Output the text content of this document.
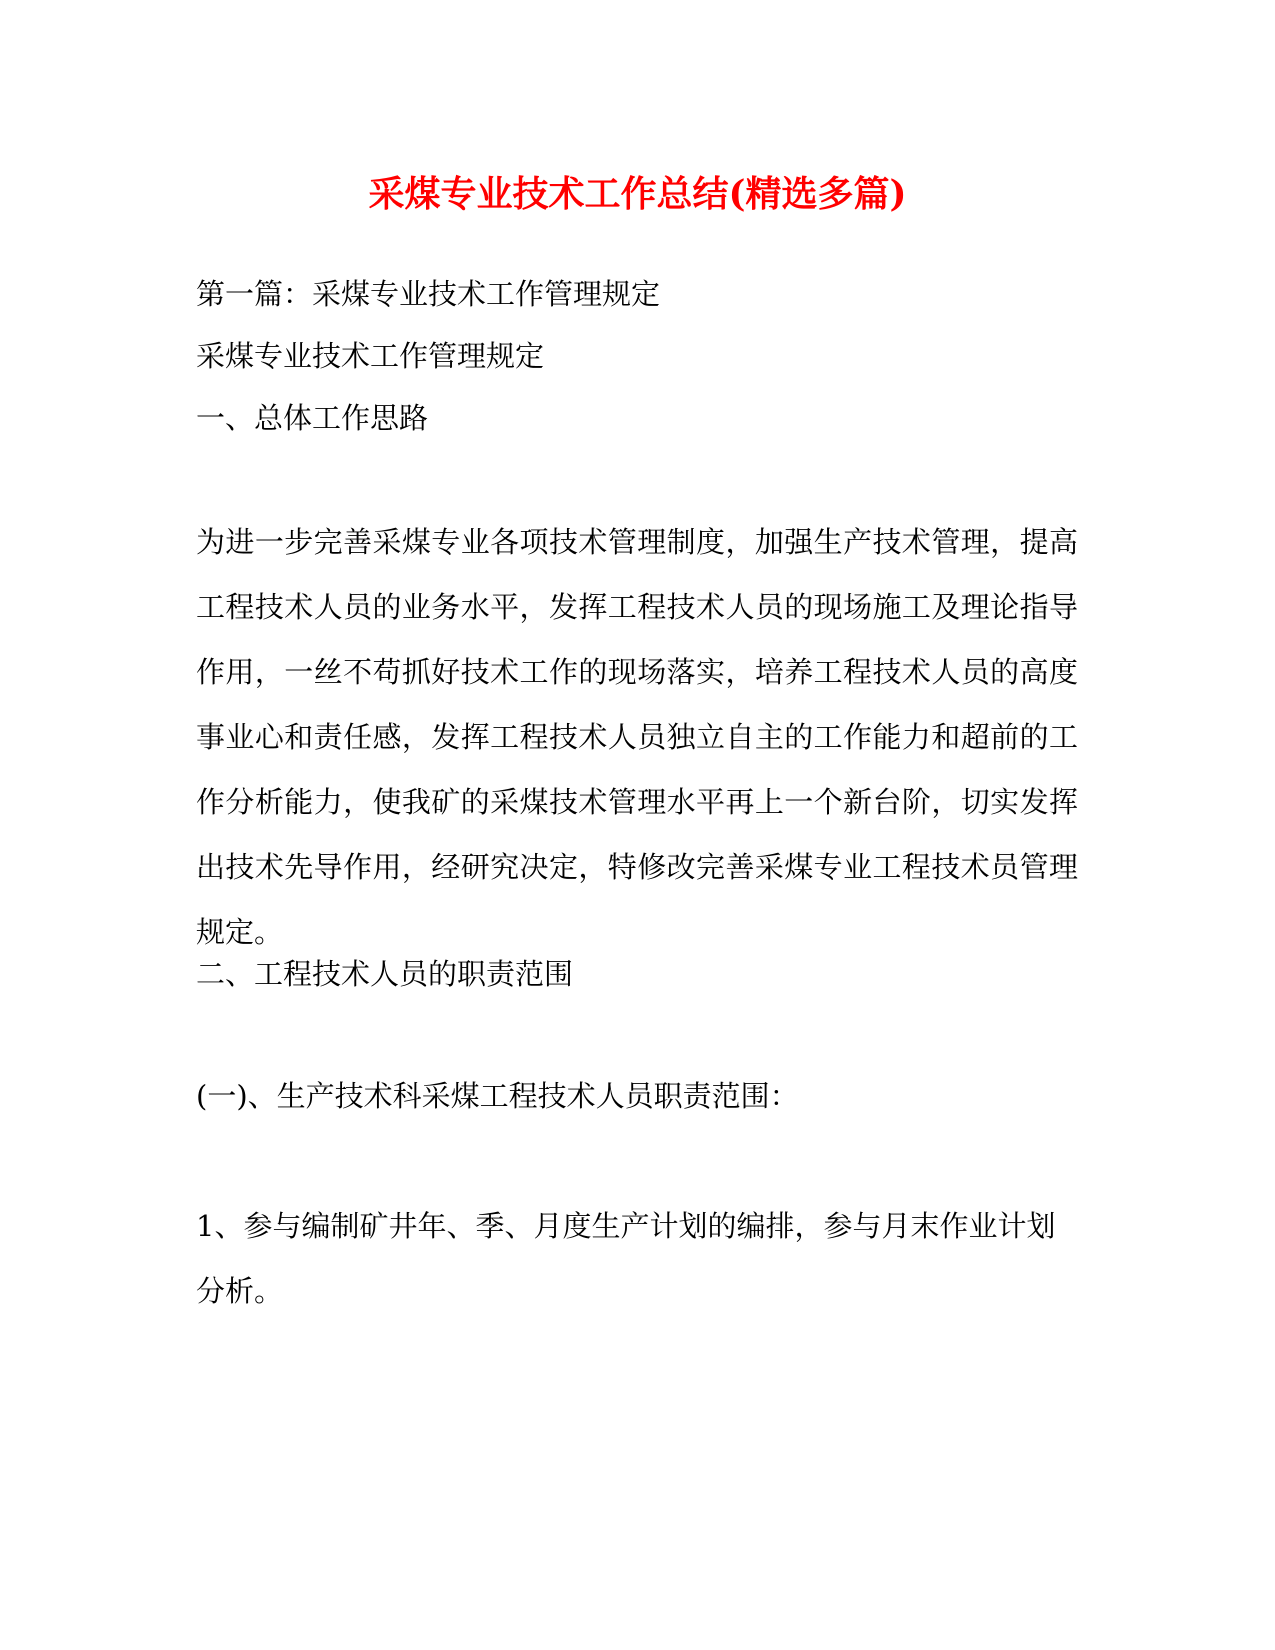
采煤专业技术工作总结(精选多篇)
第一篇：采煤专业技术工作管理规定
采煤专业技术工作管理规定
一、总体工作思路
为进一步完善采煤专业各项技术管理制度，加强生产技术管理，提高工程技术人员的业务水平，发挥工程技术人员的现场施工及理论指导作用，一丝不苟抓好技术工作的现场落实，培养工程技术人员的高度事业心和责任感，发挥工程技术人员独立自主的工作能力和超前的工作分析能力，使我矿的采煤技术管理水平再上一个新台阶，切实发挥出技术先导作用，经研究决定，特修改完善采煤专业工程技术员管理规定。
二、工程技术人员的职责范围
(一)、生产技术科采煤工程技术人员职责范围：
1、参与编制矿井年、季、月度生产计划的编排，参与月末作业计划分析。
